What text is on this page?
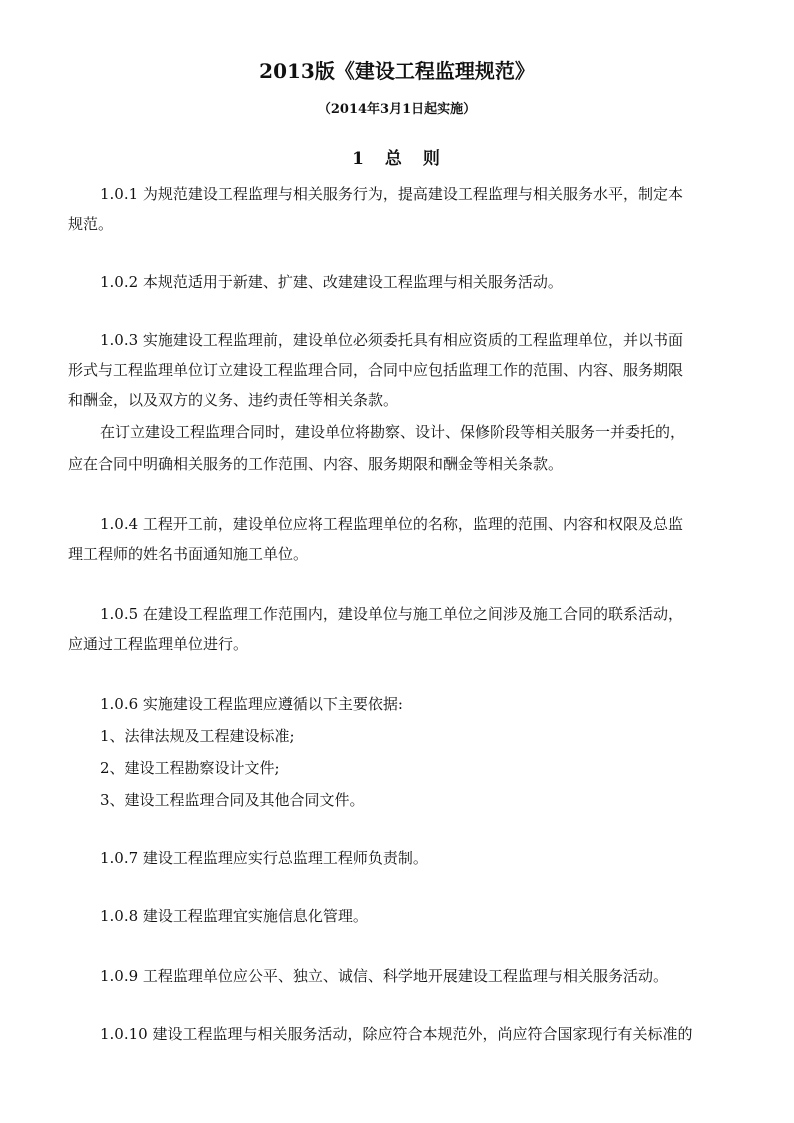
2013版《建设工程监理规范》
（2014年3月1日起实施）
1　总　则
1.0.1 为规范建设工程监理与相关服务行为，提高建设工程监理与相关服务水平，制定本
规范。
1.0.2 本规范适用于新建、扩建、改建建设工程监理与相关服务活动。
1.0.3 实施建设工程监理前，建设单位必须委托具有相应资质的工程监理单位，并以书面
形式与工程监理单位订立建设工程监理合同，合同中应包括监理工作的范围、内容、服务期限
和酬金，以及双方的义务、违约责任等相关条款。
在订立建设工程监理合同时，建设单位将勘察、设计、保修阶段等相关服务一并委托的，
应在合同中明确相关服务的工作范围、内容、服务期限和酬金等相关条款。
1.0.4 工程开工前，建设单位应将工程监理单位的名称，监理的范围、内容和权限及总监
理工程师的姓名书面通知施工单位。
1.0.5 在建设工程监理工作范围内，建设单位与施工单位之间涉及施工合同的联系活动，
应通过工程监理单位进行。
1.0.6 实施建设工程监理应遵循以下主要依据:
1、法律法规及工程建设标准;
2、建设工程勘察设计文件;
3、建设工程监理合同及其他合同文件。
1.0.7 建设工程监理应实行总监理工程师负责制。
1.0.8 建设工程监理宜实施信息化管理。
1.0.9 工程监理单位应公平、独立、诚信、科学地开展建设工程监理与相关服务活动。
1.0.10 建设工程监理与相关服务活动，除应符合本规范外，尚应符合国家现行有关标准的
